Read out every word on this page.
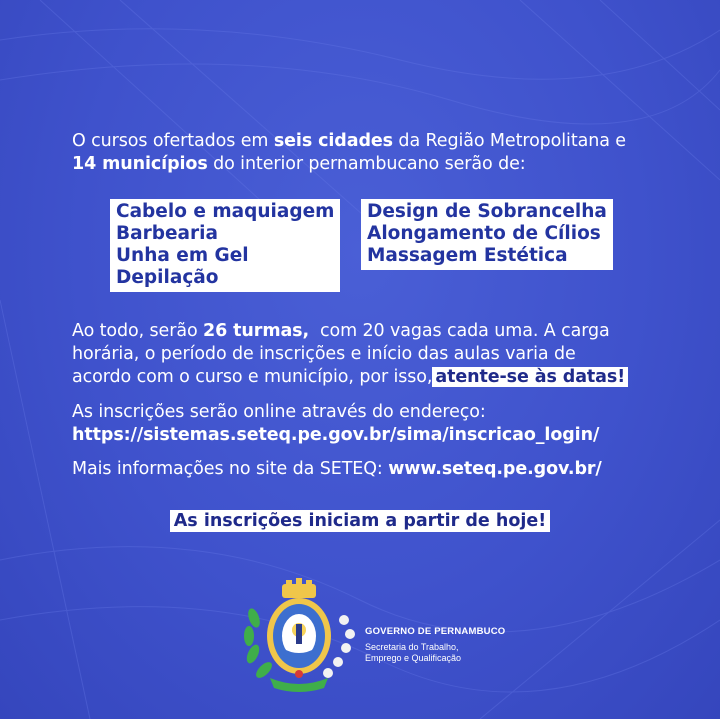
O cursos ofertados em seis cidades da Região Metropolitana e
14 municípios do interior pernambucano serão de:
Cabelo e maquiagem
Barbearia
Unha em Gel
Depilação
Design de Sobrancelha
Alongamento de Cílios
Massagem Estética
Ao todo, serão 26 turmas,  com 20 vagas cada uma. A carga
horária, o período de inscrições e início das aulas varia de
acordo com o curso e município, por isso, atente-se às datas!
As inscrições serão online através do endereço:
https://sistemas.seteq.pe.gov.br/sima/inscricao_login/
Mais informações no site da SETEQ: www.seteq.pe.gov.br/
As inscrições iniciam a partir de hoje!
GOVERNO DE PERNAMBUCO
Secretaria do Trabalho,
Emprego e Qualificação
